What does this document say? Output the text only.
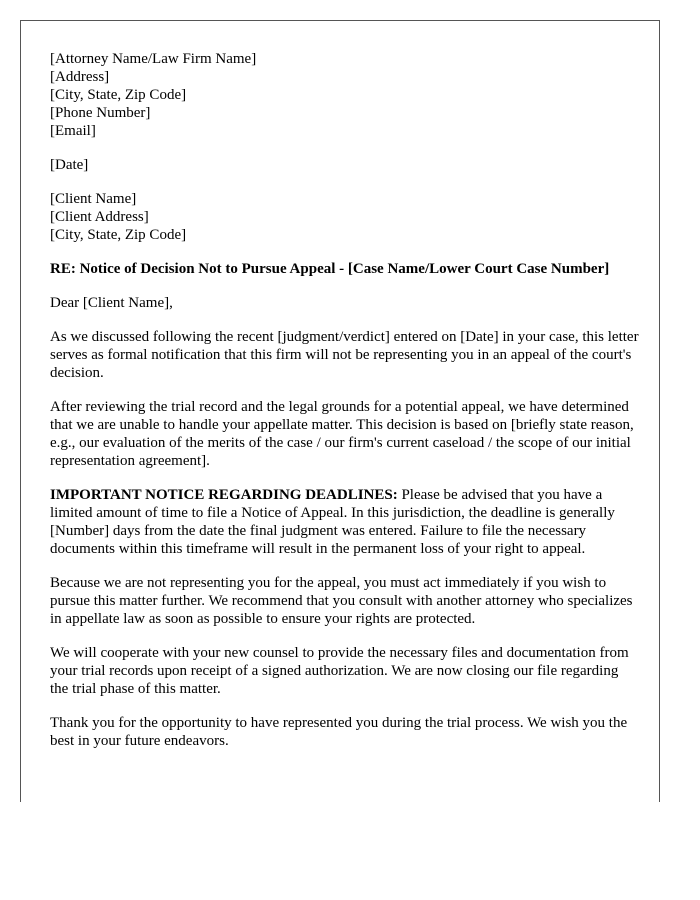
[Attorney Name/Law Firm Name]
[Address]
[City, State, Zip Code]
[Phone Number]
[Email]
[Date]
[Client Name]
[Client Address]
[City, State, Zip Code]

RE: Notice of Decision Not to Pursue Appeal - [Case Name/Lower Court Case Number]

Dear [Client Name],

As we discussed following the recent [judgment/verdict] entered on [Date] in your case, this letter serves as formal notification that this firm will not be representing you in an appeal of the court's decision.

After reviewing the trial record and the legal grounds for a potential appeal, we have determined that we are unable to handle your appellate matter. This decision is based on [briefly state reason, e.g., our evaluation of the merits of the case / our firm's current caseload / the scope of our initial representation agreement].

IMPORTANT NOTICE REGARDING DEADLINES: Please be advised that you have a limited amount of time to file a Notice of Appeal. In this jurisdiction, the deadline is generally [Number] days from the date the final judgment was entered. Failure to file the necessary documents within this timeframe will result in the permanent loss of your right to appeal.

Because we are not representing you for the appeal, you must act immediately if you wish to pursue this matter further. We recommend that you consult with another attorney who specializes in appellate law as soon as possible to ensure your rights are protected.

We will cooperate with your new counsel to provide the necessary files and documentation from your trial records upon receipt of a signed authorization. We are now closing our file regarding the trial phase of this matter.

Thank you for the opportunity to have represented you during the trial process. We wish you the best in your future endeavors.
